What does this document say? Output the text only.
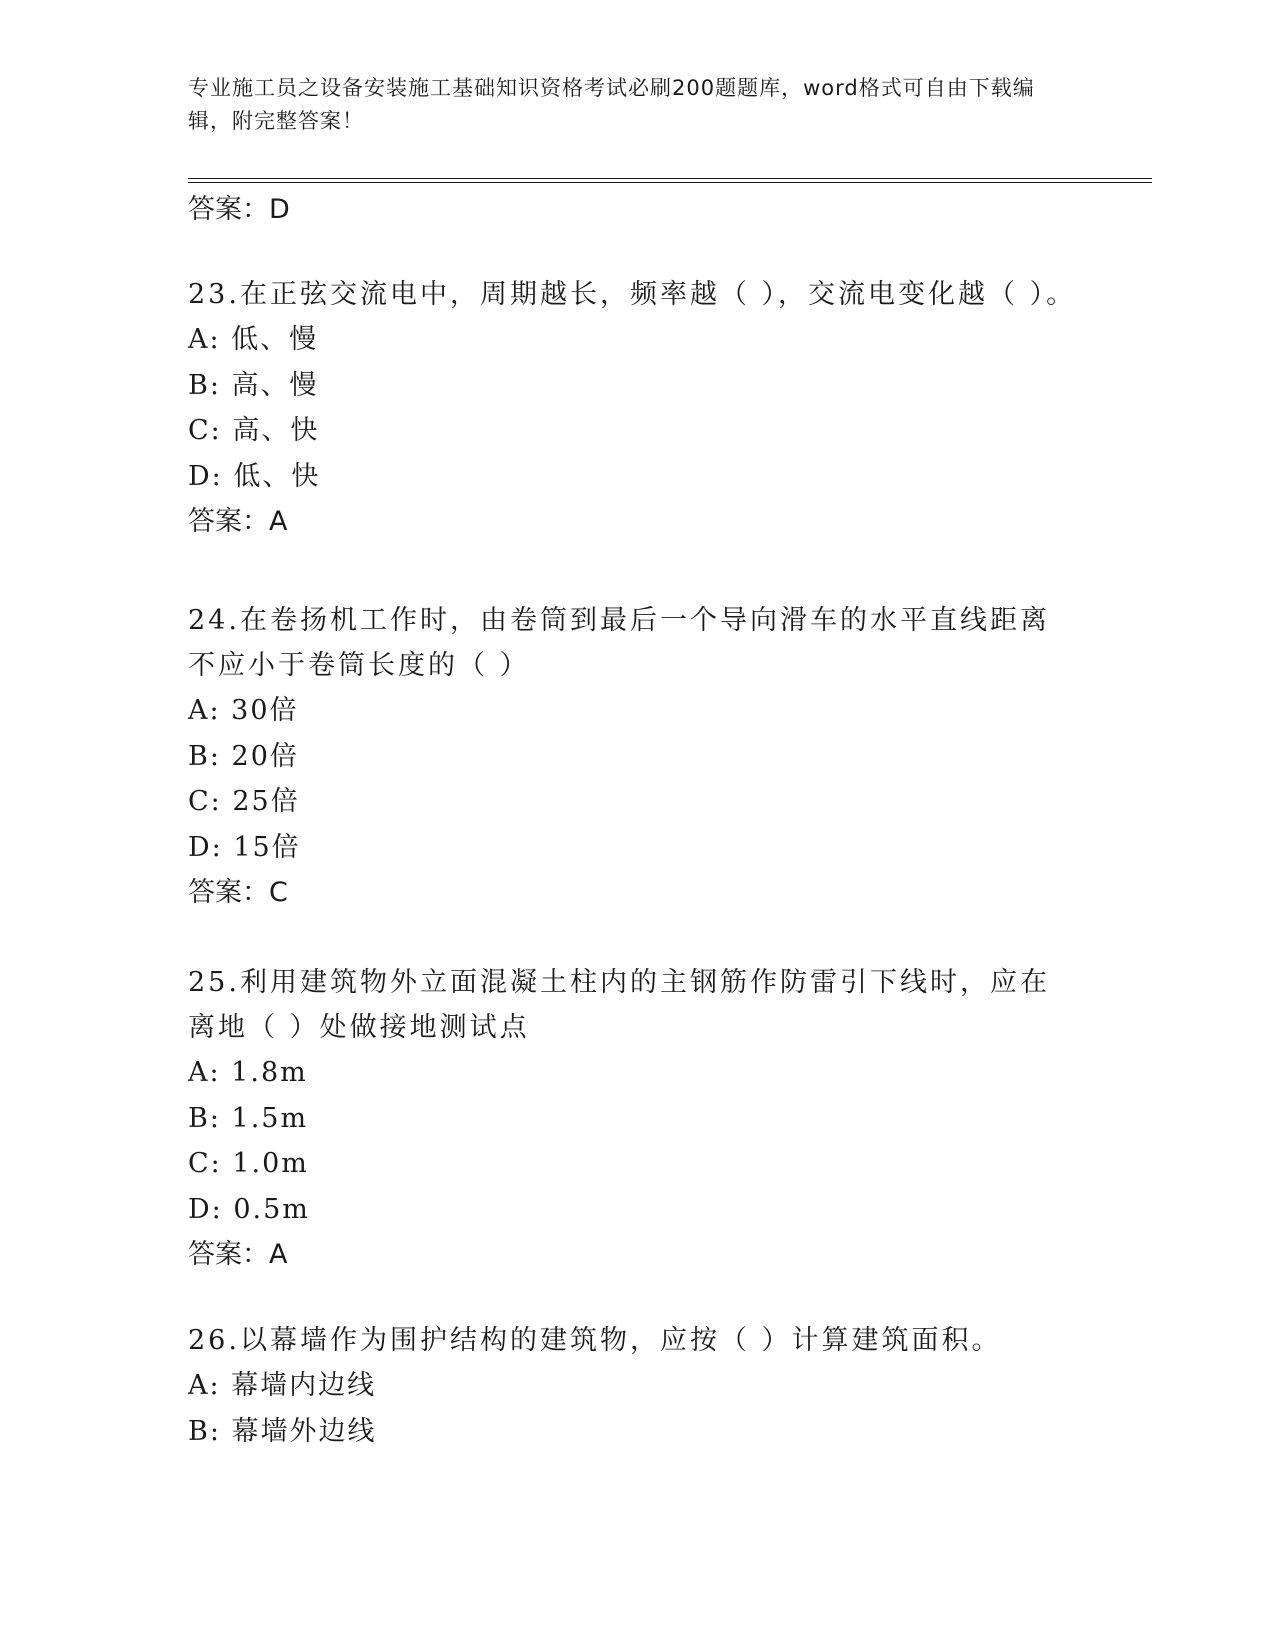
专业施工员之设备安装施工基础知识资格考试必刷200题题库，word格式可自由下载编辑，附完整答案！
答案：D
23.在正弦交流电中，周期越长，频率越（ ），交流电变化越（ ）。
A: 低、慢
B: 高、慢
C: 高、快
D: 低、快
答案：A
24.在卷扬机工作时，由卷筒到最后一个导向滑车的水平直线距离不应小于卷筒长度的（ ）
A: 30倍
B: 20倍
C: 25倍
D: 15倍
答案：C
25.利用建筑物外立面混凝土柱内的主钢筋作防雷引下线时，应在离地（ ）处做接地测试点
A: 1.8m
B: 1.5m
C: 1.0m
D: 0.5m
答案：A
26.以幕墙作为围护结构的建筑物，应按（ ）计算建筑面积。
A: 幕墙内边线
B: 幕墙外边线
